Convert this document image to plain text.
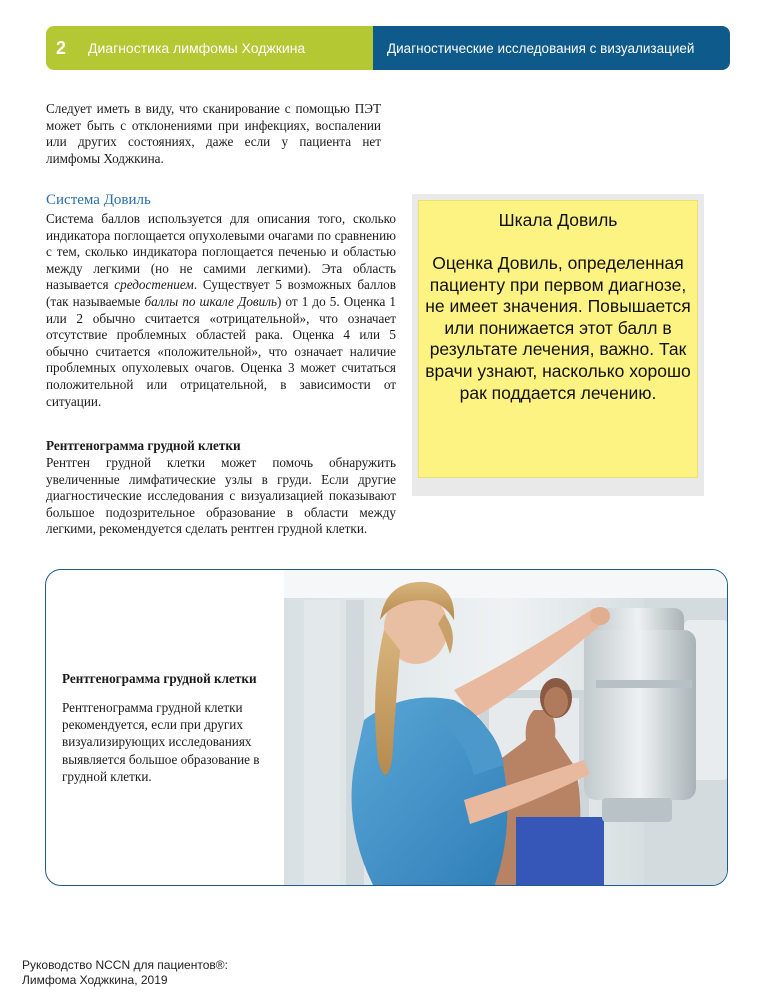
2	Диагностика лимфомы Ходжкина	Диагностические исследования с визуализацией

Следует иметь в виду, что сканирование с помощью ПЭТ может быть с отклонениями при инфекциях, воспалении или других состояниях, даже если у пациента нет лимфомы Ходжкина.

Система Довиль

Система баллов используется для описания того, сколько индикатора поглощается опухолевыми очагами по сравнению с тем, сколько индикатора поглощается печенью и областью между легкими (но не самими легкими). Эта область называется средостением. Существует 5 возможных баллов (так называемые баллы по шкале Довиль) от 1 до 5. Оценка 1 или 2 обычно считается «отрицательной», что означает отсутствие проблемных областей рака. Оценка 4 или 5 обычно считается «положительной», что означает наличие проблемных опухолевых очагов. Оценка 3 может считаться положительной или отрицательной, в зависимости от ситуации.

Рентгенограмма грудной клетки

Рентген грудной клетки может помочь обнаружить увеличенные лимфатические узлы в груди. Если другие диагностические исследования с визуализацией показывают большое подозрительное образование в области между легкими, рекомендуется сделать рентген грудной клетки.

Шкала Довиль
Оценка Довиль, определенная пациенту при первом диагнозе, не имеет значения. Повышается или понижается этот балл в результате лечения, важно. Так врачи узнают, насколько хорошо рак поддается лечению.
Рентгенограмма грудной клетки
Рентгенограмма грудной клетки рекомендуется, если при других визуализирующих исследованиях выявляется большое образование в грудной клетки.
Руководство NCCN для пациентов®:
Лимфома Ходжкина, 2019
